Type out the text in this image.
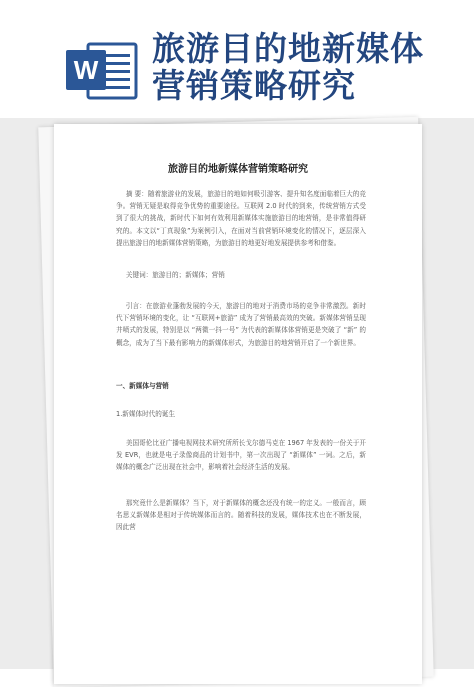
W
旅游目的地新媒体
营销策略研究
旅游目的地新媒体营销策略研究

摘 要：随着旅游业的发展，旅游目的地如何吸引游客、提升知名度面临着巨大的竞争。营销无疑是取得竞争优势的重要途径。互联网 2.0 时代的到来，传统营销方式受到了很大的挑战，新时代下如何有效利用新媒体实施旅游目的地营销，是非常值得研究的。本文以“丁真现象”为案例引入，在面对当前营销环境变化的情况下，逐层深入提出旅游目的地新媒体营销策略，为旅游目的地更好地发展提供参考和借鉴。

关键词：旅游目的；新媒体；营销

引言：在旅游业蓬勃发展的今天，旅游目的地对于消费市场的竞争非常激烈。新时代下营销环境的变化，让 “互联网+旅游” 成为了营销最高效的突破。新媒体营销呈现井喷式的发展，特别是以 “两微一抖一号” 为代表的新媒体体营销更是突破了 “新” 的概念，成为了当下最有影响力的新媒体形式，为旅游目的地营销开启了一个新世界。

一、新媒体与营销
1.新媒体时代的诞生

美国哥伦比亚广播电视网技术研究所所长戈尔德马克在 1967 年发表的一份关于开发 EVR，也就是电子录像商品的计划书中，第一次出现了 “新媒体” 一词。之后，新媒体的概念广泛出现在社会中，影响着社会经济生活的发展。

那究竟什么是新媒体？当下，对于新媒体的概念还没有统一的定义。一般而言，顾名思义新媒体是相对于传统媒体而言的。随着科技的发展，媒体技术也在不断发展，因此营
